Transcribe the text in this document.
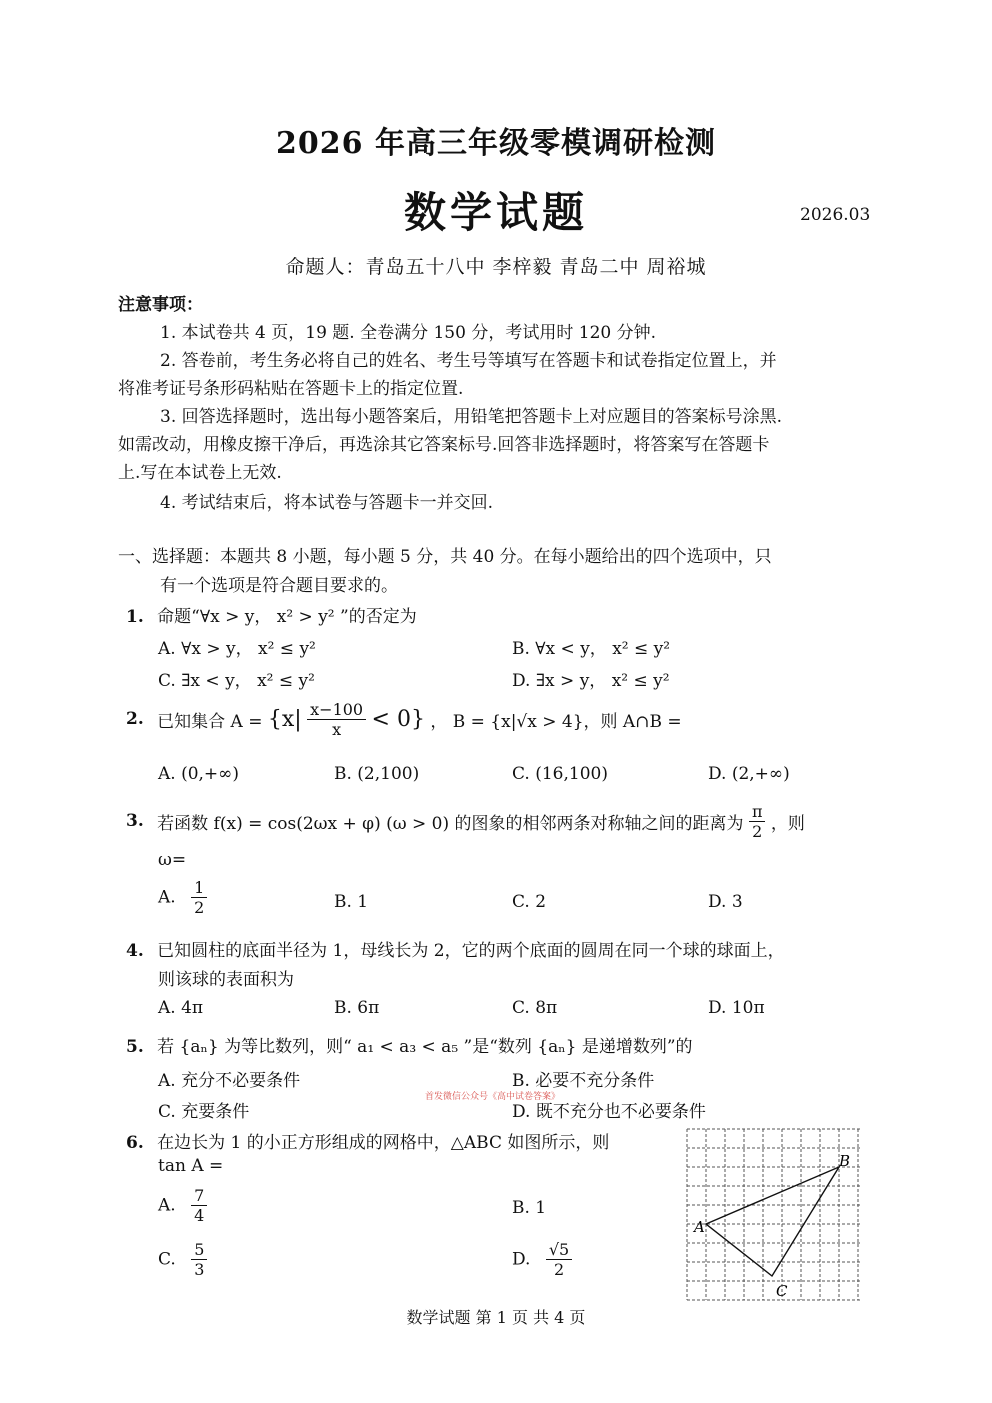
2026 年高三年级零模调研检测
数学试题	2026.03
命题人：青岛五十八中 李梓毅 青岛二中 周裕城
注意事项：
1. 本试卷共 4 页，19 题. 全卷满分 150 分，考试用时 120 分钟.
2. 答卷前，考生务必将自己的姓名、考生号等填写在答题卡和试卷指定位置上，并
将准考证号条形码粘贴在答题卡上的指定位置.
3. 回答选择题时，选出每小题答案后，用铅笔把答题卡上对应题目的答案标号涂黑.
如需改动，用橡皮擦干净后，再选涂其它答案标号.回答非选择题时，将答案写在答题卡
上.写在本试卷上无效.
4. 考试结束后，将本试卷与答题卡一并交回.
一、选择题：本题共 8 小题，每小题 5 分，共 40 分。在每小题给出的四个选项中，只
有一个选项是符合题目要求的。
1. 命题“∀x > y， x² > y² ”的否定为
A. ∀x > y， x² ≤ y²	B. ∀x < y， x² ≤ y²
C. ∃x < y， x² ≤ y²	D. ∃x > y， x² ≤ y²
2. 已知集合 $A = \{x| \frac{x-100}{x} < 0\}$ ， B = {x|√x > 4}，则 A∩B =
A. (0,+∞)	B. (2,100)	C. (16,100)	D. (2,+∞)
3. 若函数 f(x) = cos(2ωx + φ) (ω > 0) 的图象的相邻两条对称轴之间的距离为 $\frac{\pi}{2}$ ，则
ω=
A. $\frac{1}{2}$	B. 1	C. 2	D. 3
4. 已知圆柱的底面半径为 1，母线长为 2，它的两个底面的圆周在同一个球的球面上，
则该球的表面积为
A. 4π	B. 6π	C. 8π	D. 10π
5. 若 {aₙ} 为等比数列，则“ a₁ < a₃ < a₅ ”是“数列 {aₙ} 是递增数列”的
A. 充分不必要条件	B. 必要不充分条件
首发微信公众号《高中试卷答案》
C. 充要条件	D. 既不充分也不必要条件
6. 在边长为 1 的小正方形组成的网格中，△ABC 如图所示，则
tan A =
A. $\frac{7}{4}$	B. 1
C. $\frac{5}{3}$	D. $\frac{√5}{2}$
A
B
C
数学试题 第 1 页 共 4 页
